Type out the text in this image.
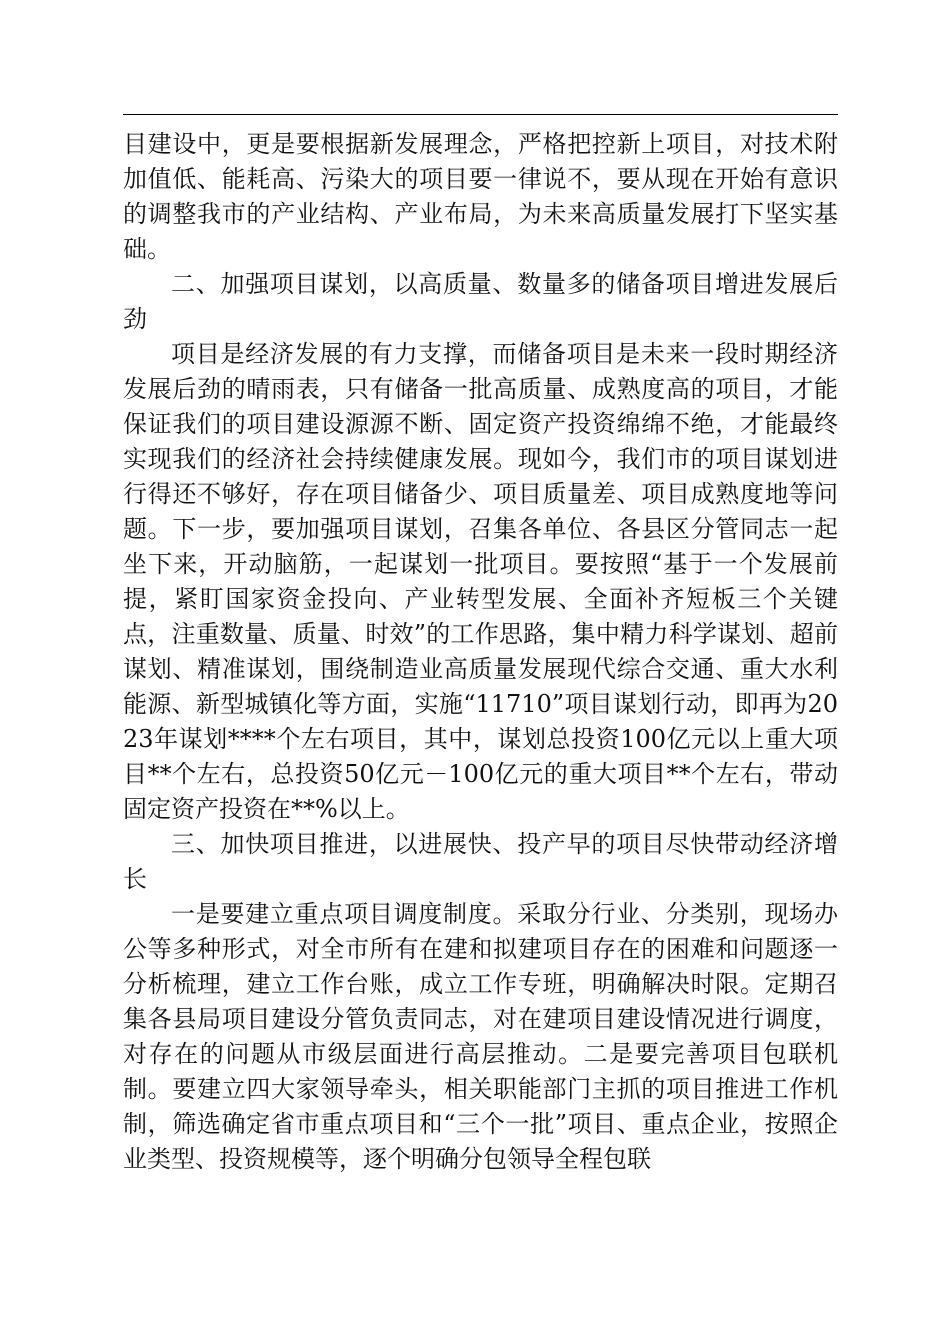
目建设中，更是要根据新发展理念，严格把控新上项目，对技术附加值低、能耗高、污染大的项目要一律说不，要从现在开始有意识的调整我市的产业结构、产业布局，为未来高质量发展打下坚实基础。

二、加强项目谋划，以高质量、数量多的储备项目增进发展后劲

项目是经济发展的有力支撑，而储备项目是未来一段时期经济发展后劲的晴雨表，只有储备一批高质量、成熟度高的项目，才能保证我们的项目建设源源不断、固定资产投资绵绵不绝，才能最终实现我们的经济社会持续健康发展。现如今，我们市的项目谋划进行得还不够好，存在项目储备少、项目质量差、项目成熟度地等问题。下一步，要加强项目谋划，召集各单位、各县区分管同志一起坐下来，开动脑筋，一起谋划一批项目。要按照“基于一个发展前提，紧盯国家资金投向、产业转型发展、全面补齐短板三个关键点，注重数量、质量、时效”的工作思路，集中精力科学谋划、超前谋划、精准谋划，围绕制造业高质量发展现代综合交通、重大水利能源、新型城镇化等方面，实施“11710”项目谋划行动，即再为2023年谋划****个左右项目，其中，谋划总投资100亿元以上重大项目**个左右，总投资50亿元－100亿元的重大项目**个左右，带动固定资产投资在**%以上。

三、加快项目推进，以进展快、投产早的项目尽快带动经济增长

一是要建立重点项目调度制度。采取分行业、分类别，现场办公等多种形式，对全市所有在建和拟建项目存在的困难和问题逐一分析梳理，建立工作台账，成立工作专班，明确解决时限。定期召集各县局项目建设分管负责同志，对在建项目建设情况进行调度，对存在的问题从市级层面进行高层推动。二是要完善项目包联机制。要建立四大家领导牵头，相关职能部门主抓的项目推进工作机制，筛选确定省市重点项目和“三个一批”项目、重点企业，按照企业类型、投资规模等，逐个明确分包领导全程包联
